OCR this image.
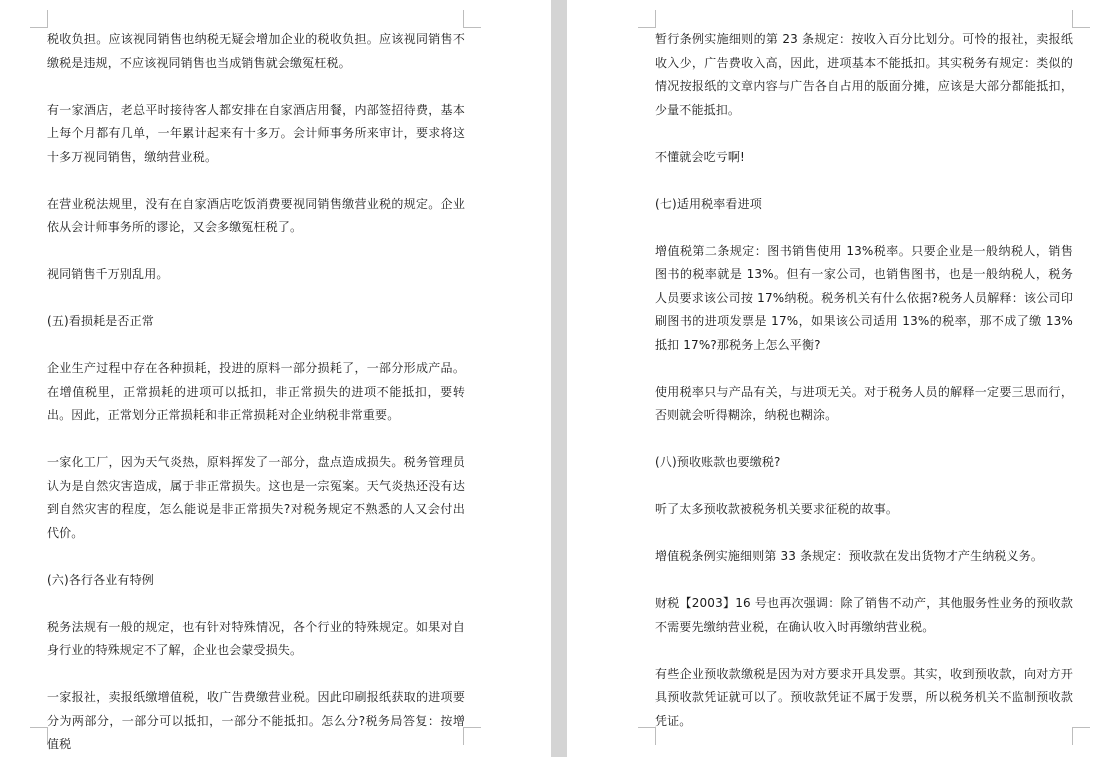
税收负担。应该视同销售也纳税无疑会增加企业的税收负担。应该视同销售不缴税是违规，不应该视同销售也当成销售就会缴冤枉税。

有一家酒店，老总平时接待客人都安排在自家酒店用餐，内部签招待费，基本上每个月都有几单，一年累计起来有十多万。会计师事务所来审计，要求将这十多万视同销售，缴纳营业税。

在营业税法规里，没有在自家酒店吃饭消费要视同销售缴营业税的规定。企业依从会计师事务所的谬论，又会多缴冤枉税了。

视同销售千万别乱用。

(五)看损耗是否正常

企业生产过程中存在各种损耗，投进的原料一部分损耗了，一部分形成产品。在增值税里，正常损耗的进项可以抵扣，非正常损失的进项不能抵扣，要转出。因此，正常划分正常损耗和非正常损耗对企业纳税非常重要。

一家化工厂，因为天气炎热，原料挥发了一部分，盘点造成损失。税务管理员认为是自然灾害造成，属于非正常损失。这也是一宗冤案。天气炎热还没有达到自然灾害的程度，怎么能说是非正常损失?对税务规定不熟悉的人又会付出代价。

(六)各行各业有特例

税务法规有一般的规定，也有针对特殊情况，各个行业的特殊规定。如果对自身行业的特殊规定不了解，企业也会蒙受损失。

一家报社，卖报纸缴增值税，收广告费缴营业税。因此印刷报纸获取的进项要分为两部分，一部分可以抵扣，一部分不能抵扣。怎么分?税务局答复：按增值税

暂行条例实施细则的第 23 条规定：按收入百分比划分。可怜的报社，卖报纸收入少，广告费收入高，因此，进项基本不能抵扣。其实税务有规定：类似的情况按报纸的文章内容与广告各自占用的版面分摊，应该是大部分都能抵扣，少量不能抵扣。

不懂就会吃亏啊!

(七)适用税率看进项

增值税第二条规定：图书销售使用 13%税率。只要企业是一般纳税人，销售图书的税率就是 13%。但有一家公司，也销售图书，也是一般纳税人，税务人员要求该公司按 17%纳税。税务机关有什么依据?税务人员解释：该公司印刷图书的进项发票是 17%，如果该公司适用 13%的税率，那不成了缴 13%抵扣 17%?那税务上怎么平衡?

使用税率只与产品有关，与进项无关。对于税务人员的解释一定要三思而行，否则就会听得糊涂，纳税也糊涂。

(八)预收账款也要缴税?

听了太多预收款被税务机关要求征税的故事。

增值税条例实施细则第 33 条规定：预收款在发出货物才产生纳税义务。

财税【2003】16 号也再次强调：除了销售不动产，其他服务性业务的预收款不需要先缴纳营业税，在确认收入时再缴纳营业税。

有些企业预收款缴税是因为对方要求开具发票。其实，收到预收款，向对方开具预收款凭证就可以了。预收款凭证不属于发票，所以税务机关不监制预收款凭证。
